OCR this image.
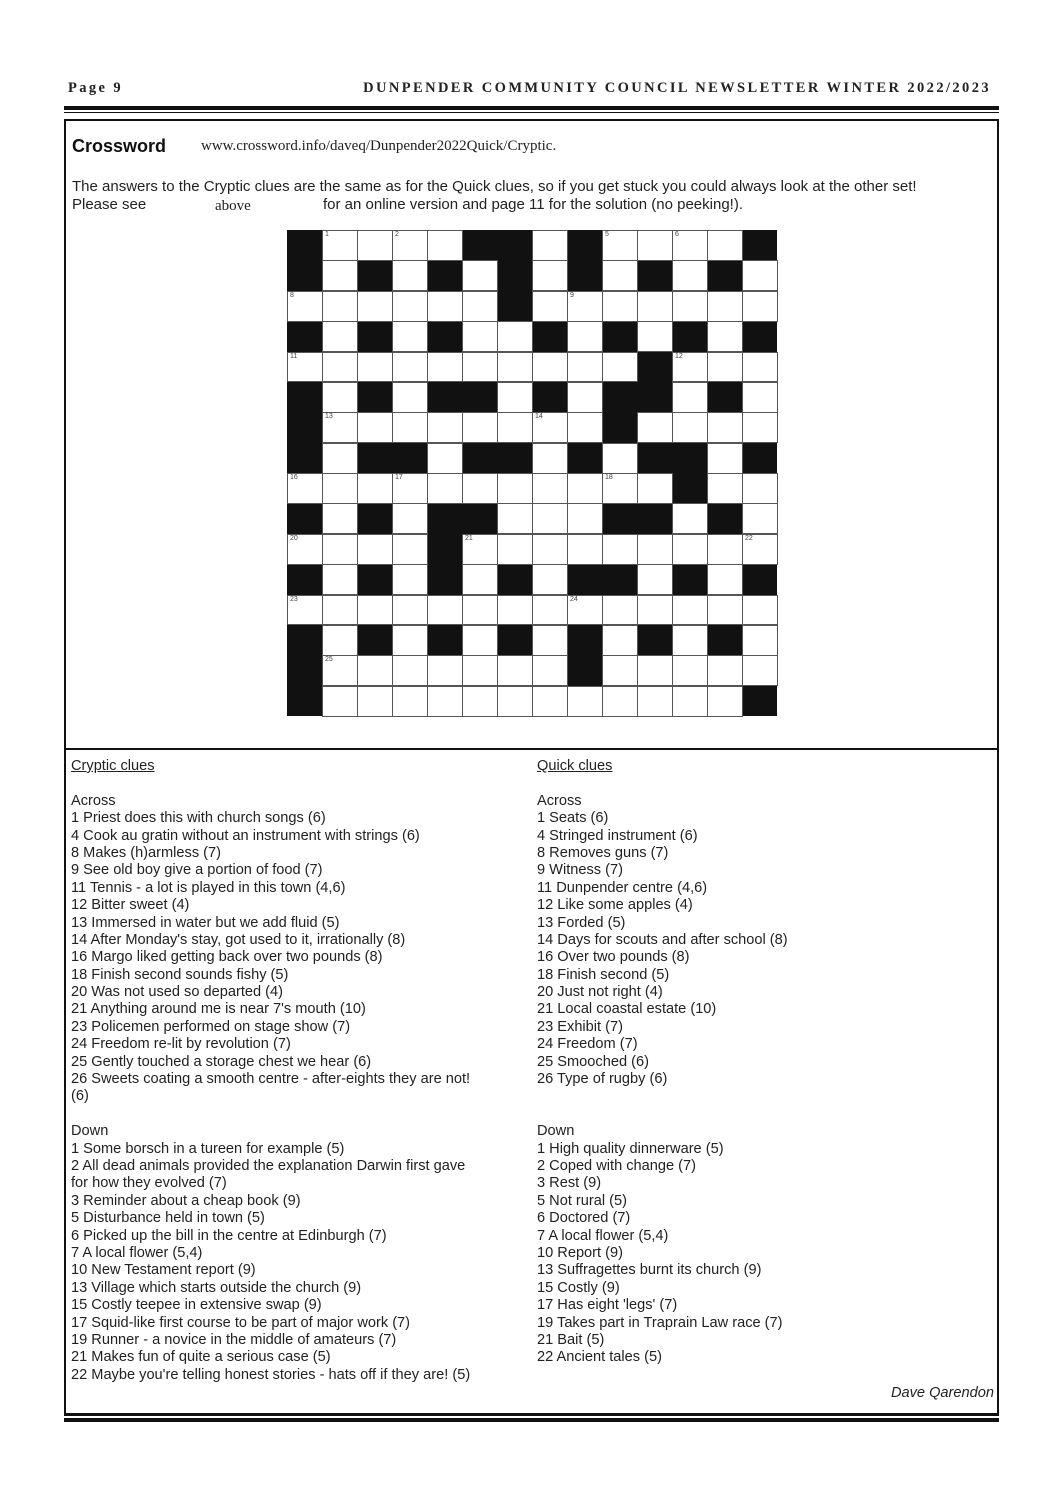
Page 9	DUNPENDER COMMUNITY COUNCIL NEWSLETTER WINTER 2022/2023
Crossword www.crossword.info/daveq/Dunpender2022Quick/Cryptic.
The answers to the Cryptic clues are the same as for the Quick clues, so if you get stuck you could always look at the other set!
Please see	for an online version and page 11 for the solution (no peeking!).
above
1	2	5	6
8	9
11	12
13	14
16	17	18
20	21	22
23	24
25
Cryptic clues
Across
1 Priest does this with church songs (6)
4 Cook au gratin without an instrument with strings (6)
8 Makes (h)armless (7)
9 See old boy give a portion of food (7)
11 Tennis - a lot is played in this town (4,6)
12 Bitter sweet (4)
13 Immersed in water but we add fluid (5)
14 After Monday's stay, got used to it, irrationally (8)
16 Margo liked getting back over two pounds (8)
18 Finish second sounds fishy (5)
20 Was not used so departed (4)
21 Anything around me is near 7's mouth (10)
23 Policemen performed on stage show (7)
24 Freedom re-lit by revolution (7)
25 Gently touched a storage chest we hear (6)
26 Sweets coating a smooth centre - after-eights they are not!
(6)
Down
1 Some borsch in a tureen for example (5)
2 All dead animals provided the explanation Darwin first gave
for how they evolved (7)
3 Reminder about a cheap book (9)
5 Disturbance held in town (5)
6 Picked up the bill in the centre at Edinburgh (7)
7 A local flower (5,4)
10 New Testament report (9)
13 Village which starts outside the church (9)
15 Costly teepee in extensive swap (9)
17 Squid-like first course to be part of major work (7)
19 Runner - a novice in the middle of amateurs (7)
21 Makes fun of quite a serious case (5)
22 Maybe you're telling honest stories - hats off if they are! (5)
Quick clues
Across
1 Seats (6)
4 Stringed instrument (6)
8 Removes guns (7)
9 Witness (7)
11 Dunpender centre (4,6)
12 Like some apples (4)
13 Forded (5)
14 Days for scouts and after school (8)
16 Over two pounds (8)
18 Finish second (5)
20 Just not right (4)
21 Local coastal estate (10)
23 Exhibit (7)
24 Freedom (7)
25 Smooched (6)
26 Type of rugby (6)
Down
1 High quality dinnerware (5)
2 Coped with change (7)
3 Rest (9)
5 Not rural (5)
6 Doctored (7)
7 A local flower (5,4)
10 Report (9)
13 Suffragettes burnt its church (9)
15 Costly (9)
17 Has eight 'legs' (7)
19 Takes part in Traprain Law race (7)
21 Bait (5)
22 Ancient tales (5)
Dave Qarendon
